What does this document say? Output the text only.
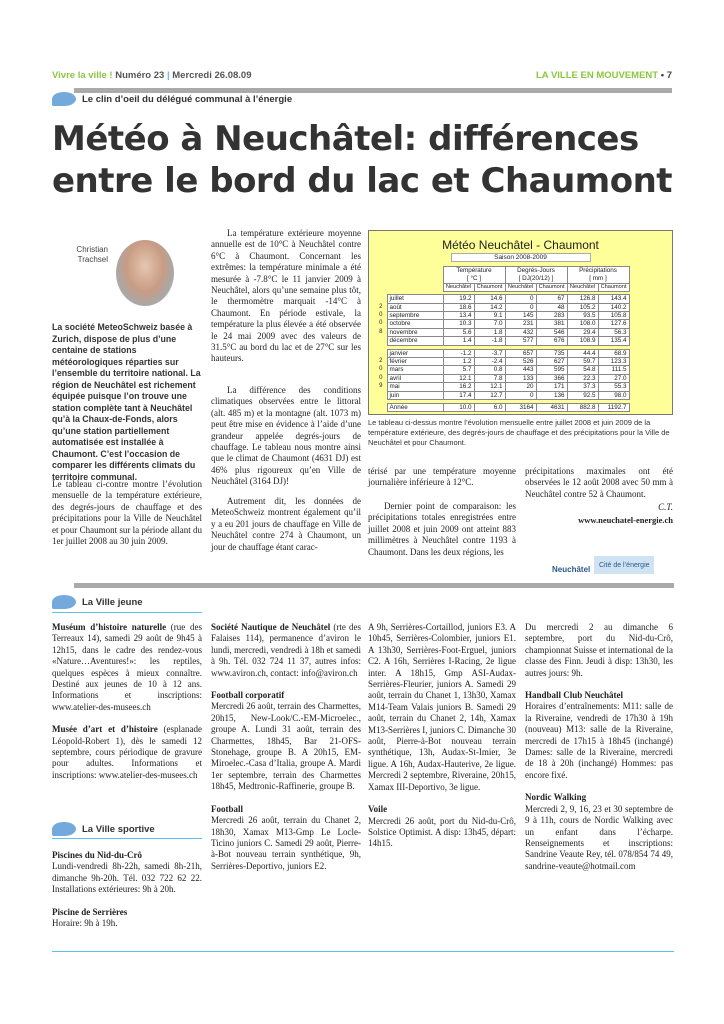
Vivre la ville ! Numéro 23 | Mercredi 26.08.09	LA VILLE EN MOUVEMENT • 7
Le clin d’oeil du délégué communal à l’énergie
Météo à Neuchâtel: différences
entre le bord du lac et Chaumont
Christian
Trachsel
La société MeteoSchweiz basée à Zurich, dispose de plus d’une centaine de stations météorologiques réparties sur l’ensemble du territoire national. La région de Neuchâtel est richement équipée puisque l’on trouve une station complète tant à Neuchâtel qu’à la Chaux-de-Fonds, alors qu’une station partiellement automatisée est installée à Chaumont. C’est l’occasion de comparer les différents climats du territoire communal.
Le tableau ci-contre montre l’évolution mensuelle de la température extérieure, des degrés-jours de chauffage et des précipitations pour la Ville de Neuchâtel et pour Chaumont sur la période allant du 1er juillet 2008 au 30 juin 2009.
La température extérieure moyenne annuelle est de 10°C à Neuchâtel contre 6°C à Chaumont. Concernant les extrêmes: la température minimale a été mesurée à -7.8°C le 11 janvier 2009 à Neuchâtel, alors qu’une semaine plus tôt, le thermomètre marquait -14°C à Chaumont. En période estivale, la température la plus élevée a été observée le 24 mai 2009 avec des valeurs de 31.5°C au bord du lac et de 27°C sur les hauteurs.
La différence des conditions climatiques observées entre le littoral (alt. 485 m) et la montagne (alt. 1073 m) peut être mise en évidence à l’aide d’une grandeur appelée degrés-jours de chauffage. Le tableau nous montre ainsi que le climat de Chaumont (4631 DJ) est 46% plus rigoureux qu’en Ville de Neuchâtel (3164 DJ)!
Autrement dit, les données de MeteoSchweiz montrent également qu’il y a eu 201 jours de chauffage en Ville de Neuchâtel contre 274 à Chaumont, un jour de chauffage étant carac-
Météo Neuchâtel - Chaumont
Saison 2008-2009
		Température		Degrés-Jours		Précipitations	
		[ °C ]		[ DJ(20/12) ]		[ mm ]	
		Neuchâtel	Chaumont	Neuchâtel	Chaumont	Neuchâtel	Chaumont

	juillet	19.2	14.6	0	67	126.8	143.4
2	août	18.6	14.2	0	48	105.2	140.2
0	septembre	13.4	9.1	145	283	93.5	105.8
0	octobre	10.3	7.0	231	381	108.0	127.6
8	novembre	5.6	1.8	432	546	29.4	56.3
	décembre	1.4	-1.8	577	676	108.9	135.4

	janvier	-1.2	-3.7	657	735	44.4	68.9
2	février	1.2	-2.4	526	627	59.7	123.3
0	mars	5.7	0.8	443	595	54.8	111.5
0	avril	12.1	7.8	133	366	22.3	27.0
9	mai	16.2	12.1	20	171	37.3	55.3
	juin	17.4	12.7	0	136	92.5	98.0

	Année	10.0	6.0	3164	4631	882.8	1192.7
Le tableau ci-dessus montre l’évolution mensuelle entre juillet 2008 et juin 2009 de la température extérieure, des degrés-jours de chauffage et des précipitations pour la Ville de Neuchâtel et pour Chaumont.
térisé par une température moyenne journalière inférieure à 12°C.
Dernier point de comparaison: les précipitations totales enregistrées entre juillet 2008 et juin 2009 ont atteint 883 millimètres à Neuchâtel contre 1193 à Chaumont. Dans les deux régions, les
précipitations maximales ont été observées le 12 août 2008 avec 50 mm à Neuchâtel contre 52 à Chaumont.
C.T.
www.neuchatel-energie.ch
Neuchâtel	Cité de l’énergie
La Ville jeune

Muséum d’histoire naturelle (rue des Terreaux 14), samedi 29 août de 9h45 à 12h15, dans le cadre des rendez-vous «Nature…Aventures!»: les reptiles, quelques espèces à mieux connaître. Destiné aux jeunes de 10 à 12 ans. Informations et inscriptions: www.atelier-des-musees.ch

Musée d’art et d’histoire (esplanade Léopold-Robert 1), dès le samedi 12 septembre, cours périodique de gravure pour adultes. Informations et inscriptions: www.atelier-des-musees.ch

La Ville sportive

Piscines du Nid-du-Crô

Lundi-vendredi 8h-22h, samedi 8h-21h, dimanche 9h-20h. Tél. 032 722 62 22. Installations extérieures: 9h à 20h.

Piscine de Serrières

Horaire: 9h à 19h.

Société Nautique de Neuchâtel (rte des Falaises 114), permanence d’aviron le lundi, mercredi, vendredi à 18h et samedi à 9h. Tél. 032 724 11 37, autres infos: www.aviron.ch, contact: info@aviron.ch

Football corporatif

Mercredi 26 août, terrain des Charmettes, 20h15, New-Look/C.-EM-Microelec., groupe A. Lundi 31 août, terrain des Charmettes, 18h45, Bar 21-OFS-Stonehage, groupe B. A 20h15, EM-Miroelec.-Casa d’Italia, groupe A. Mardi 1er septembre, terrain des Charmettes 18h45, Medtronic-Raffinerie, groupe B.

Football

Mercredi 26 août, terrain du Chanet 2, 18h30, Xamax M13-Gmp Le Locle-Ticino juniors C. Samedi 29 août, Pierre-à-Bot nouveau terrain synthétique, 9h, Serrières-Deportivo, juniors E2.

A 9h, Serrières-Cortaillod, juniors E3. A 10h45, Serrières-Colombier, juniors E1. A 13h30, Serrières-Foot-Erguel, juniors C2. A 16h, Serrières I-Racing, 2e ligue inter. A 18h15, Gmp ASI-Audax-Serrières-Fleurier, juniors A. Samedi 29 août, terrain du Chanet 1, 13h30, Xamax M14-Team Valais juniors B. Samedi 29 août, terrain du Chanet 2, 14h, Xamax M13-Serrières I, juniors C. Dimanche 30 août, Pierre-à-Bot nouveau terrain synthétique, 13h, Audax-St-Imier, 3e ligue. A 16h, Audax-Hauterive, 2e ligue. Mercredi 2 septembre, Riveraine, 20h15, Xamax III-Deportivo, 3e ligue.

Voile

Mercredi 26 août, port du Nid-du-Crô, Solstice Optimist. A disp: 13h45, départ: 14h15.

Du mercredi 2 au dimanche 6 septembre, port du Nid-du-Crô, championnat Suisse et international de la classe des Finn. Jeudi à disp: 13h30, les autres jours: 9h.

Handball Club Neuchâtel

Horaires d’entraînements: M11: salle de la Riveraine, vendredi de 17h30 à 19h (nouveau) M13: salle de la Riveraine, mercredi de 17h15 à 18h45 (inchangé) Dames: salle de la Riveraine, mercredi de 18 à 20h (inchangé) Hommes: pas encore fixé.

Nordic Walking

Mercredi 2, 9, 16, 23 et 30 septembre de 9 à 11h, cours de Nordic Walking avec un enfant dans l’écharpe. Renseignements et inscriptions: Sandrine Veaute Rey, tél. 078/854 74 49, sandrine-veaute@hotmail.com
